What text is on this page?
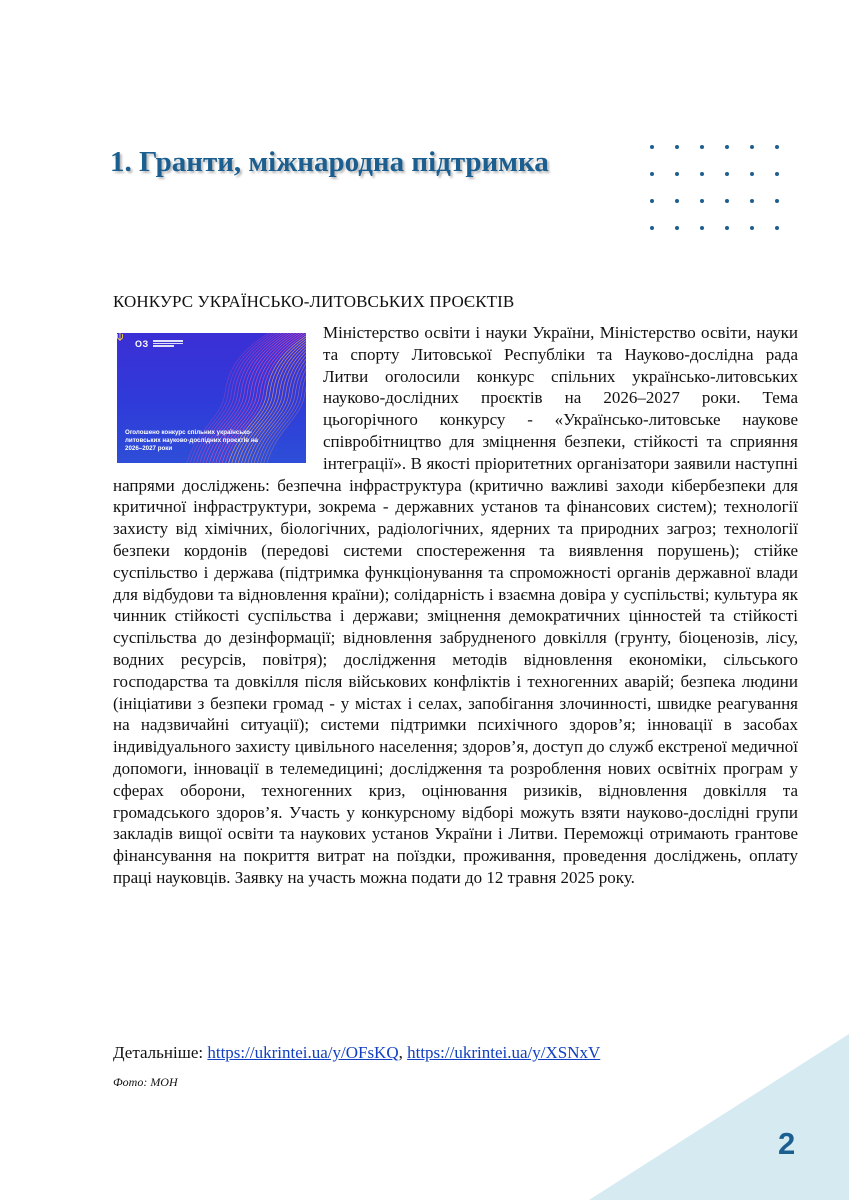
1. Гранти, міжнародна підтримка
КОНКУРС УКРАЇНСЬКО-ЛИТОВСЬКИХ ПРОЄКТІВ
ОЗ
Оголошено конкурс спільних українсько-литовських науково-дослідних проєктів на 2026–2027 роки

Міністерство освіти і науки України, Міністерство освіти, науки та спорту Литовської Республіки та Науково-дослідна рада Литви оголосили конкурс спільних українсько-литовських науково-дослідних проєктів на 2026–2027 роки. Тема цьогорічного конкурсу - «Українсько-литовське наукове співробітництво для зміцнення безпеки, стійкості та сприяння інтеграції». В якості пріоритетних організатори заявили наступні напрями досліджень: безпечна інфраструктура (критично важливі заходи кібербезпеки для критичної інфраструктури, зокрема - державних установ та фінансових систем); технології захисту від хімічних, біологічних, радіологічних, ядерних та природних загроз; технології безпеки кордонів (передові системи спостереження та виявлення порушень); стійке суспільство і держава (підтримка функціонування та спроможності органів державної влади для відбудови та відновлення країни); солідарність і взаємна довіра у суспільстві; культура як чинник стійкості суспільства і держави; зміцнення демократичних цінностей та стійкості суспільства до дезінформації; відновлення забрудненого довкілля (грунту, біоценозів, лісу, водних ресурсів, повітря); дослідження методів відновлення економіки, сільського господарства та довкілля після військових конфліктів і техногенних аварій; безпека людини (ініціативи з безпеки громад - у містах і селах, запобігання злочинності, швидке реагування на надзвичайні ситуації); системи підтримки психічного здоров’я; інновації в засобах індивідуального захисту цивільного населення; здоров’я, доступ до служб екстреної медичної допомоги, інновації в телемедицині; дослідження та розроблення нових освітніх програм у сферах оборони, техногенних криз, оцінювання ризиків, відновлення довкілля та громадського здоров’я. Участь у конкурсному відборі можуть взяти науково-дослідні групи закладів вищої освіти та наукових установ України і Литви. Переможці отримають грантове фінансування на покриття витрат на поїздки, проживання, проведення досліджень, оплату праці науковців. Заявку на участь можна подати до 12 травня 2025 року.

Детальніше: https://ukrintei.ua/y/OFsKQ, https://ukrintei.ua/y/XSNxV
Фото: МОН
2
